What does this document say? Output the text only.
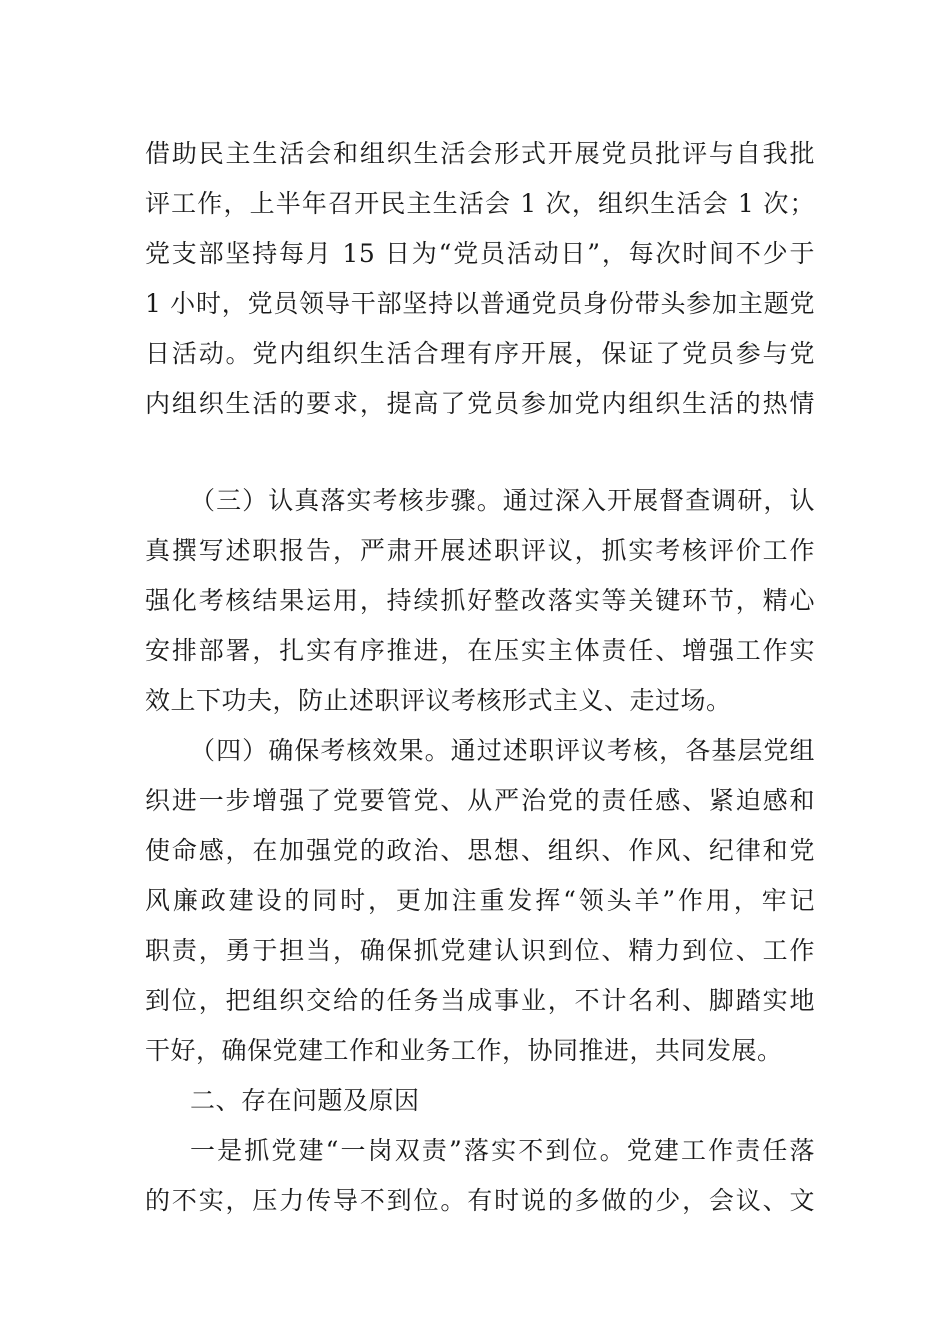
借助民主生活会和组织生活会形式开展党员批评与自我批
评工作，上半年召开民主生活会 1 次，组织生活会 1 次；
党支部坚持每月 15 日为“党员活动日”，每次时间不少于
1 小时，党员领导干部坚持以普通党员身份带头参加主题党
日活动。党内组织生活合理有序开展，保证了党员参与党
内组织生活的要求，提高了党员参加党内组织生活的热情
（三）认真落实考核步骤。通过深入开展督查调研，认
真撰写述职报告，严肃开展述职评议，抓实考核评价工作
强化考核结果运用，持续抓好整改落实等关键环节，精心
安排部署，扎实有序推进，在压实主体责任、增强工作实
效上下功夫，防止述职评议考核形式主义、走过场。
（四）确保考核效果。通过述职评议考核，各基层党组
织进一步增强了党要管党、从严治党的责任感、紧迫感和
使命感，在加强党的政治、思想、组织、作风、纪律和党
风廉政建设的同时，更加注重发挥“领头羊”作用，牢记
职责，勇于担当，确保抓党建认识到位、精力到位、工作
到位，把组织交给的任务当成事业，不计名利、脚踏实地
干好，确保党建工作和业务工作，协同推进，共同发展。
二、存在问题及原因
一是抓党建“一岗双责”落实不到位。党建工作责任落
的不实，压力传导不到位。有时说的多做的少，会议、文
